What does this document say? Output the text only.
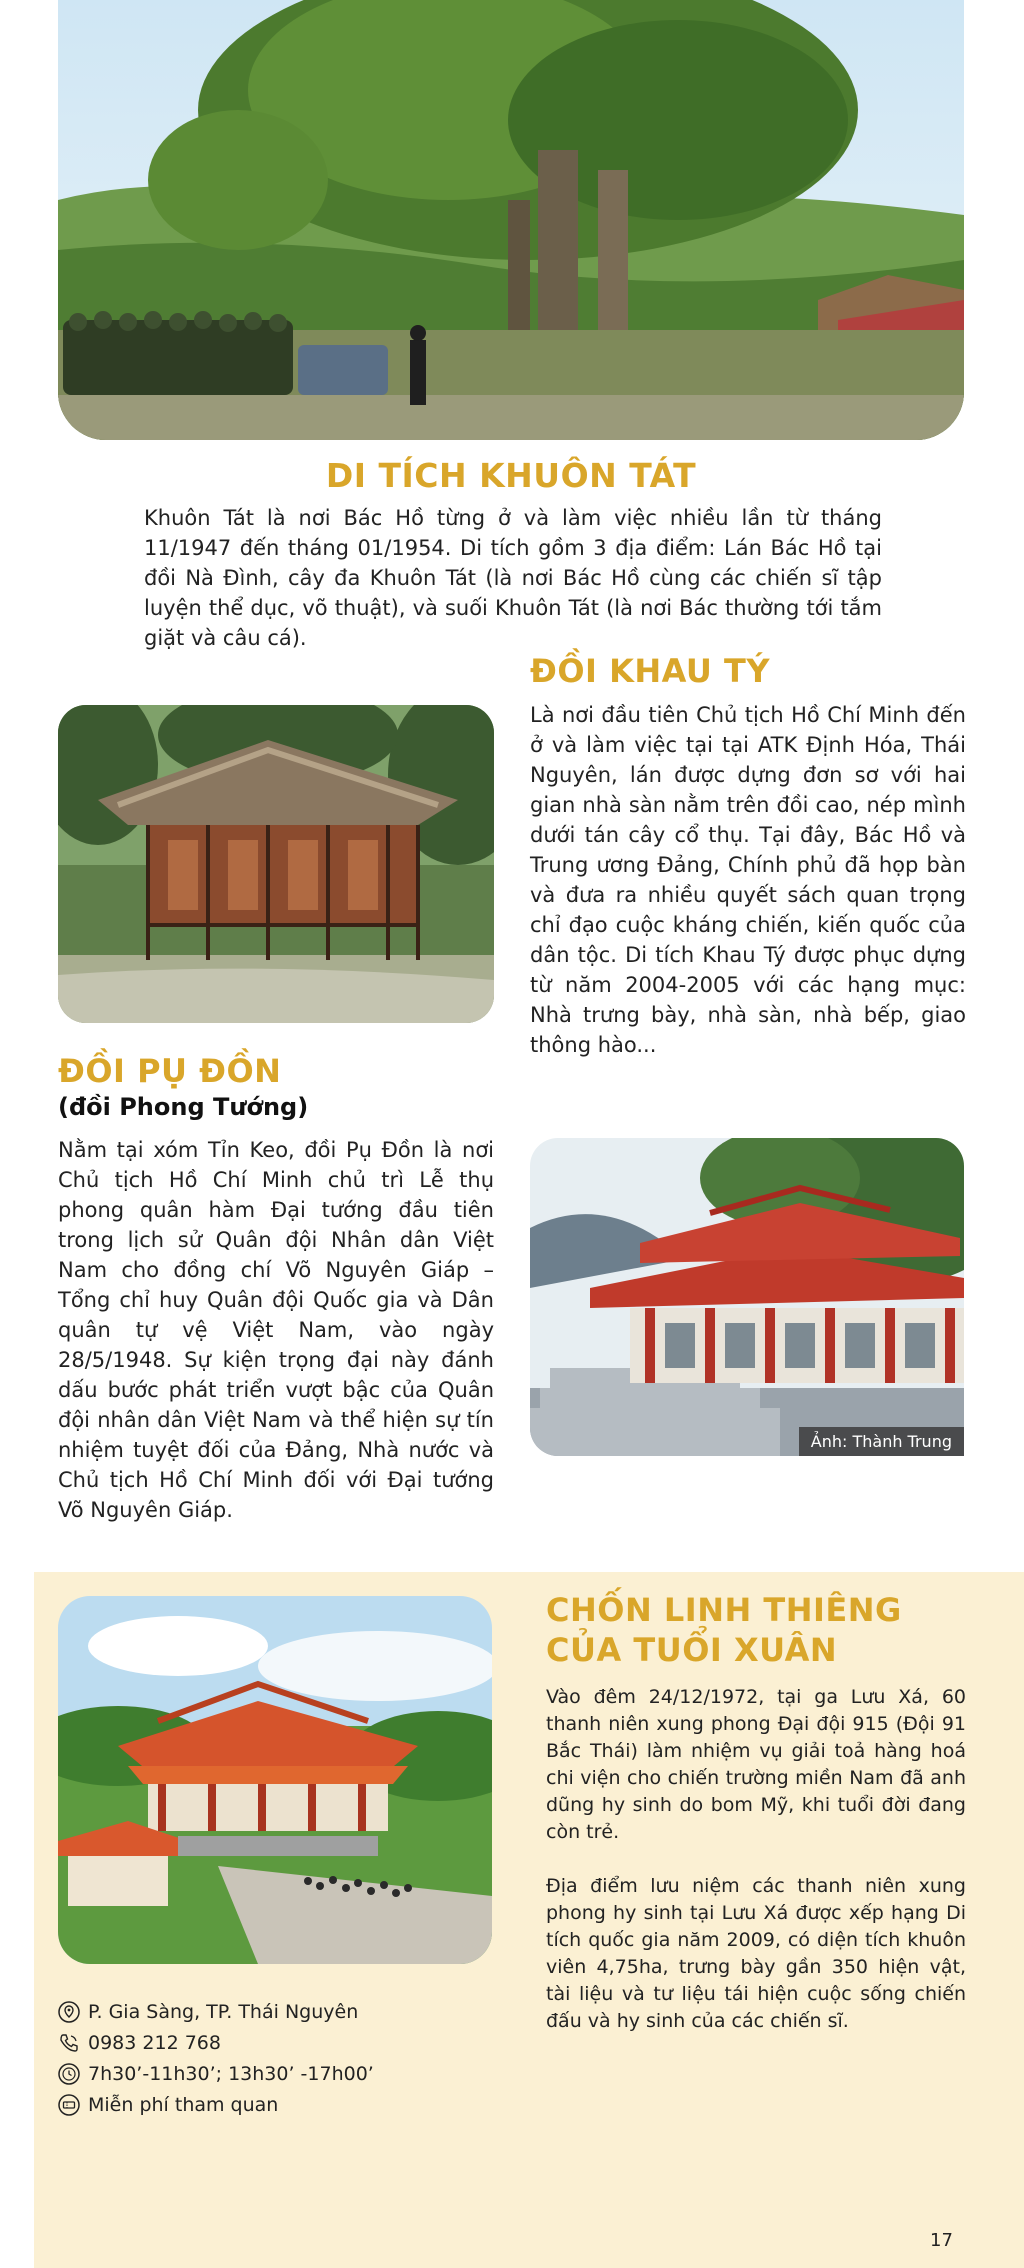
DI TÍCH KHUÔN TÁT

Khuôn Tát là nơi Bác Hồ từng ở và làm việc nhiều lần từ tháng 11/1947 đến tháng 01/1954. Di tích gồm 3 địa điểm: Lán Bác Hồ tại đồi Nà Đình, cây đa Khuôn Tát (là nơi Bác Hồ cùng các chiến sĩ tập luyện thể dục, võ thuật), và suối Khuôn Tát (là nơi Bác thường tới tắm giặt và câu cá).

ĐỒI KHAU TÝ

Là nơi đầu tiên Chủ tịch Hồ Chí Minh đến ở và làm việc tại tại ATK Định Hóa, Thái Nguyên, lán được dựng đơn sơ với hai gian nhà sàn nằm trên đồi cao, nép mình dưới tán cây cổ thụ. Tại đây, Bác Hồ và Trung ương Đảng, Chính phủ đã họp bàn và đưa ra nhiều quyết sách quan trọng chỉ đạo cuộc kháng chiến, kiến quốc của dân tộc. Di tích Khau Tý được phục dựng từ năm 2004-2005 với các hạng mục: Nhà trưng bày, nhà sàn, nhà bếp, giao thông hào...

ĐỒI PỤ ĐỒN
(đồi Phong Tướng)

Nằm tại xóm Tỉn Keo, đồi Pụ Đồn là nơi Chủ tịch Hồ Chí Minh chủ trì Lễ thụ phong quân hàm Đại tướng đầu tiên trong lịch sử Quân đội Nhân dân Việt Nam cho đồng chí Võ Nguyên Giáp – Tổng chỉ huy Quân đội Quốc gia và Dân quân tự vệ Việt Nam, vào ngày 28/5/1948. Sự kiện trọng đại này đánh dấu bước phát triển vượt bậc của Quân đội nhân dân Việt Nam và thể hiện sự tín nhiệm tuyệt đối của Đảng, Nhà nước và Chủ tịch Hồ Chí Minh đối với Đại tướng Võ Nguyên Giáp.

Ảnh: Thành Trung
CHỐN LINH THIÊNG
CỦA TUỔI XUÂN

Vào đêm 24/12/1972, tại ga Lưu Xá, 60 thanh niên xung phong Đại đội 915 (Đội 91 Bắc Thái) làm nhiệm vụ giải toả hàng hoá chi viện cho chiến trường miền Nam đã anh dũng hy sinh do bom Mỹ, khi tuổi đời đang còn trẻ.

Địa điểm lưu niệm các thanh niên xung phong hy sinh tại Lưu Xá được xếp hạng Di tích quốc gia năm 2009, có diện tích khuôn viên 4,75ha, trưng bày gần 350 hiện vật, tài liệu và tư liệu tái hiện cuộc sống chiến đấu và hy sinh của các chiến sĩ.

P. Gia Sàng, TP. Thái Nguyên
0983 212 768
7h30’-11h30’; 13h30’ -17h00’
Miễn phí tham quan
17
